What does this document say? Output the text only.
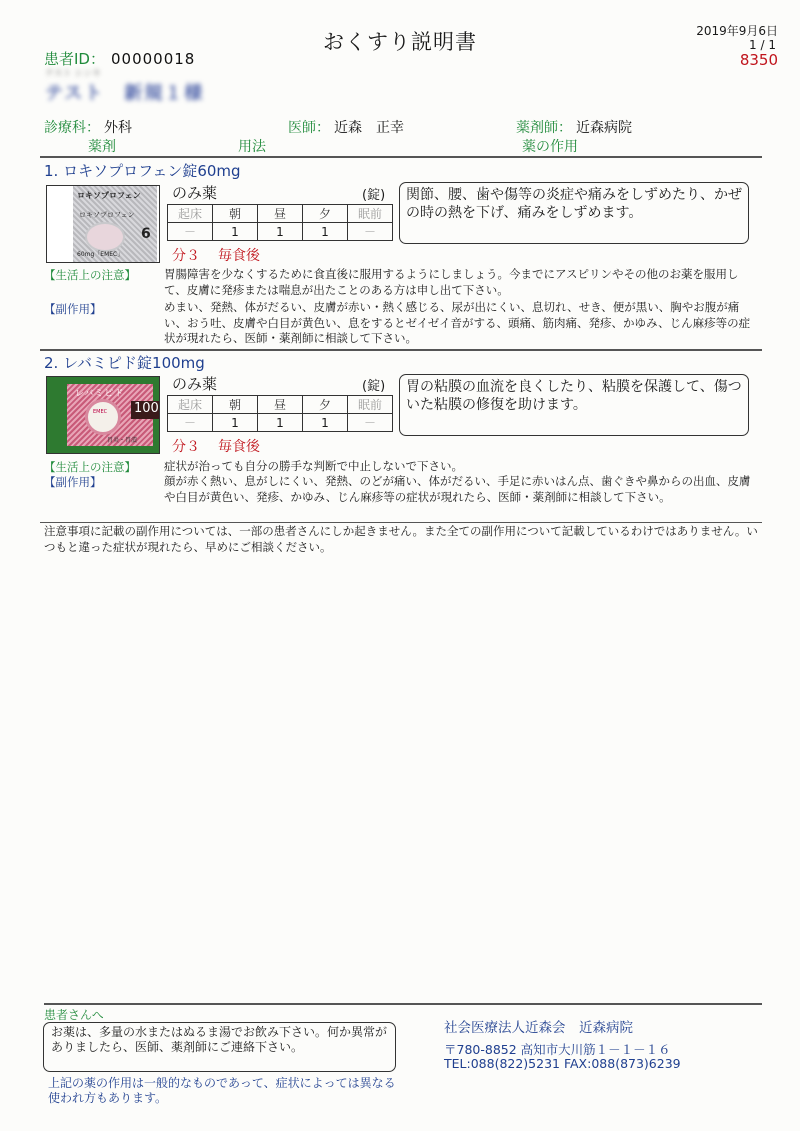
おくすり説明書	2019年9月6日
1 / 1
8350
患者ID： 00000018
テスト シンキ
テスト　新規１様
診療科： 外科	医師： 近森　正幸	薬剤師： 近森病院
薬剤	用法	薬の作用
1. ロキソプロフェン錠60mg
ロキソプロフェン
ロキソプロフェン
6
60mg「EMEC」
のみ薬	(錠)
起床	朝	昼	夕	眠前
－	1	1	1	－
分３ 毎食後
関節、腰、歯や傷等の炎症や痛みをしずめたり、かぜの時の熱を下げ、痛みをしずめます。
【生活上の注意】 胃腸障害を少なくするために食直後に服用するようにしましょう。今までにアスピリンやその他のお薬を服用して、皮膚に発疹または喘息が出たことのある方は申し出て下さい。
【副作用】	めまい、発熱、体がだるい、皮膚が赤い・熱く感じる、尿が出にくい、息切れ、せき、便が黒い、胸やお腹が痛い、おう吐、皮膚や白目が黄色い、息をするとゼイゼイ音がする、頭痛、筋肉痛、発疹、かゆみ、じん麻疹等の症状が現れたら、医師・薬剤師に相談して下さい。
2. レバミピド錠100mg
レバミピド
EMEC 100
胃炎・胃潰
のみ薬	(錠)
起床	朝	昼	夕	眠前
－	1	1	1	－
分３ 毎食後
胃の粘膜の血流を良くしたり、粘膜を保護して、傷ついた粘膜の修復を助けます。
【生活上の注意】 症状が治っても自分の勝手な判断で中止しないで下さい。
【副作用】	顔が赤く熱い、息がしにくい、発熱、のどが痛い、体がだるい、手足に赤いはん点、歯ぐきや鼻からの出血、皮膚や白目が黄色い、発疹、かゆみ、じん麻疹等の症状が現れたら、医師・薬剤師に相談して下さい。
注意事項に記載の副作用については、一部の患者さんにしか起きません。また全ての副作用について記載しているわけではありません。いつもと違った症状が現れたら、早めにご相談ください。
患者さんへ
お薬は、多量の水またはぬるま湯でお飲み下さい。何か異常がありましたら、医師、薬剤師にご連絡下さい。
上記の薬の作用は一般的なものであって、症状によっては異なる使われ方もあります。
社会医療法人近森会　近森病院
〒780-8852 高知市大川筋１－１－１６
TEL:088(822)5231 FAX:088(873)6239
